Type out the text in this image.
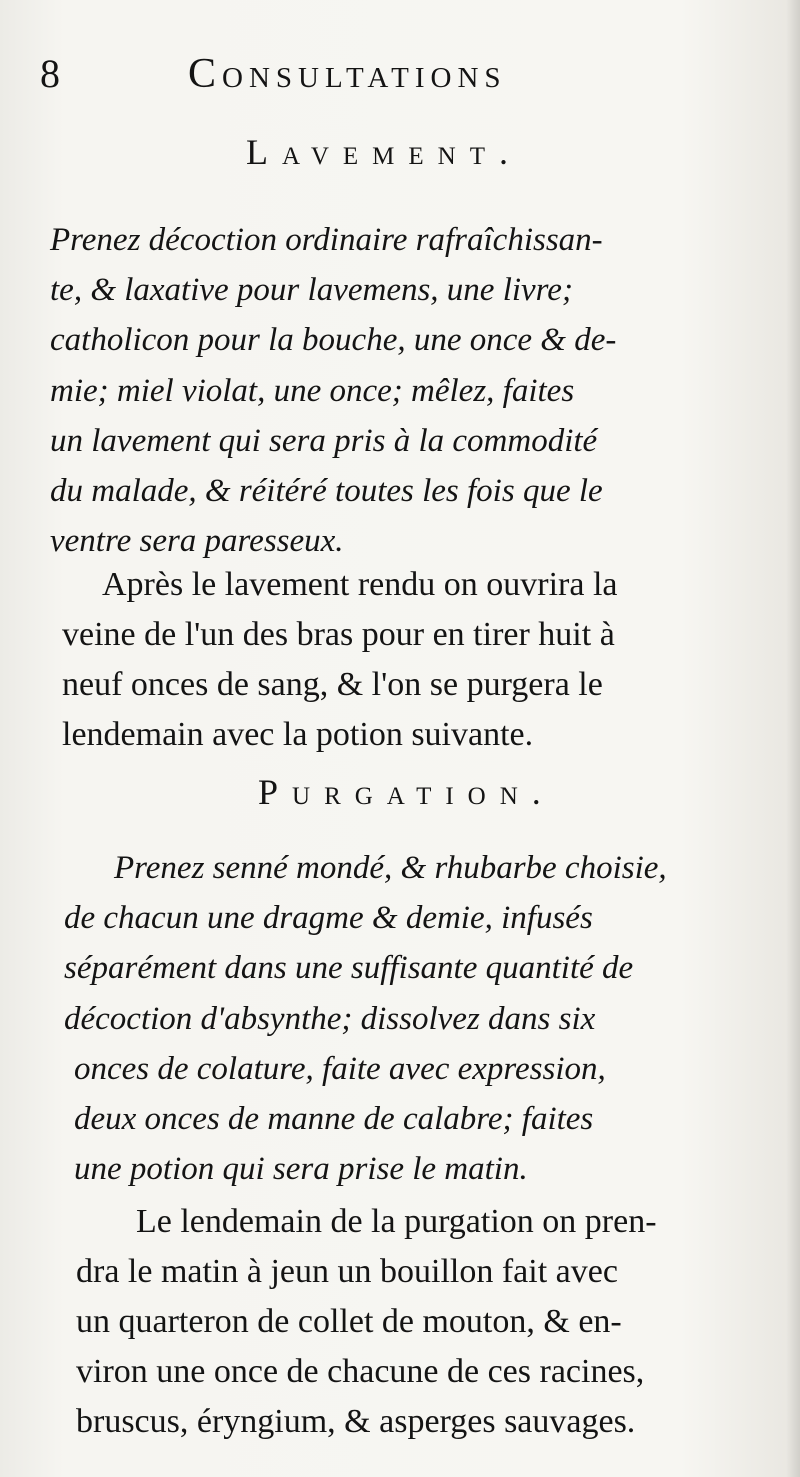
8	Consultations
Lavement.
Prenez décoction ordinaire rafraîchissan-
te, & laxative pour lavemens, une livre;
catholicon pour la bouche, une once & de-
mie; miel violat, une once; mêlez, faites
un lavement qui sera pris à la commodité
du malade, & réitéré toutes les fois que le
ventre sera paresseux.
Après le lavement rendu on ouvrira la
veine de l'un des bras pour en tirer huit à
neuf onces de sang, & l'on se purgera le
lendemain avec la potion suivante.
Purgation.
Prenez senné mondé, & rhubarbe choisie,
de chacun une dragme & demie, infusés
séparément dans une suffisante quantité de
décoction d'absynthe; dissolvez dans six
onces de colature, faite avec expression,
deux onces de manne de calabre; faites
une potion qui sera prise le matin.
Le lendemain de la purgation on pren-
dra le matin à jeun un bouillon fait avec
un quarteron de collet de mouton, & en-
viron une once de chacune de ces racines,
bruscus, éryngium, & asperges sauvages.
